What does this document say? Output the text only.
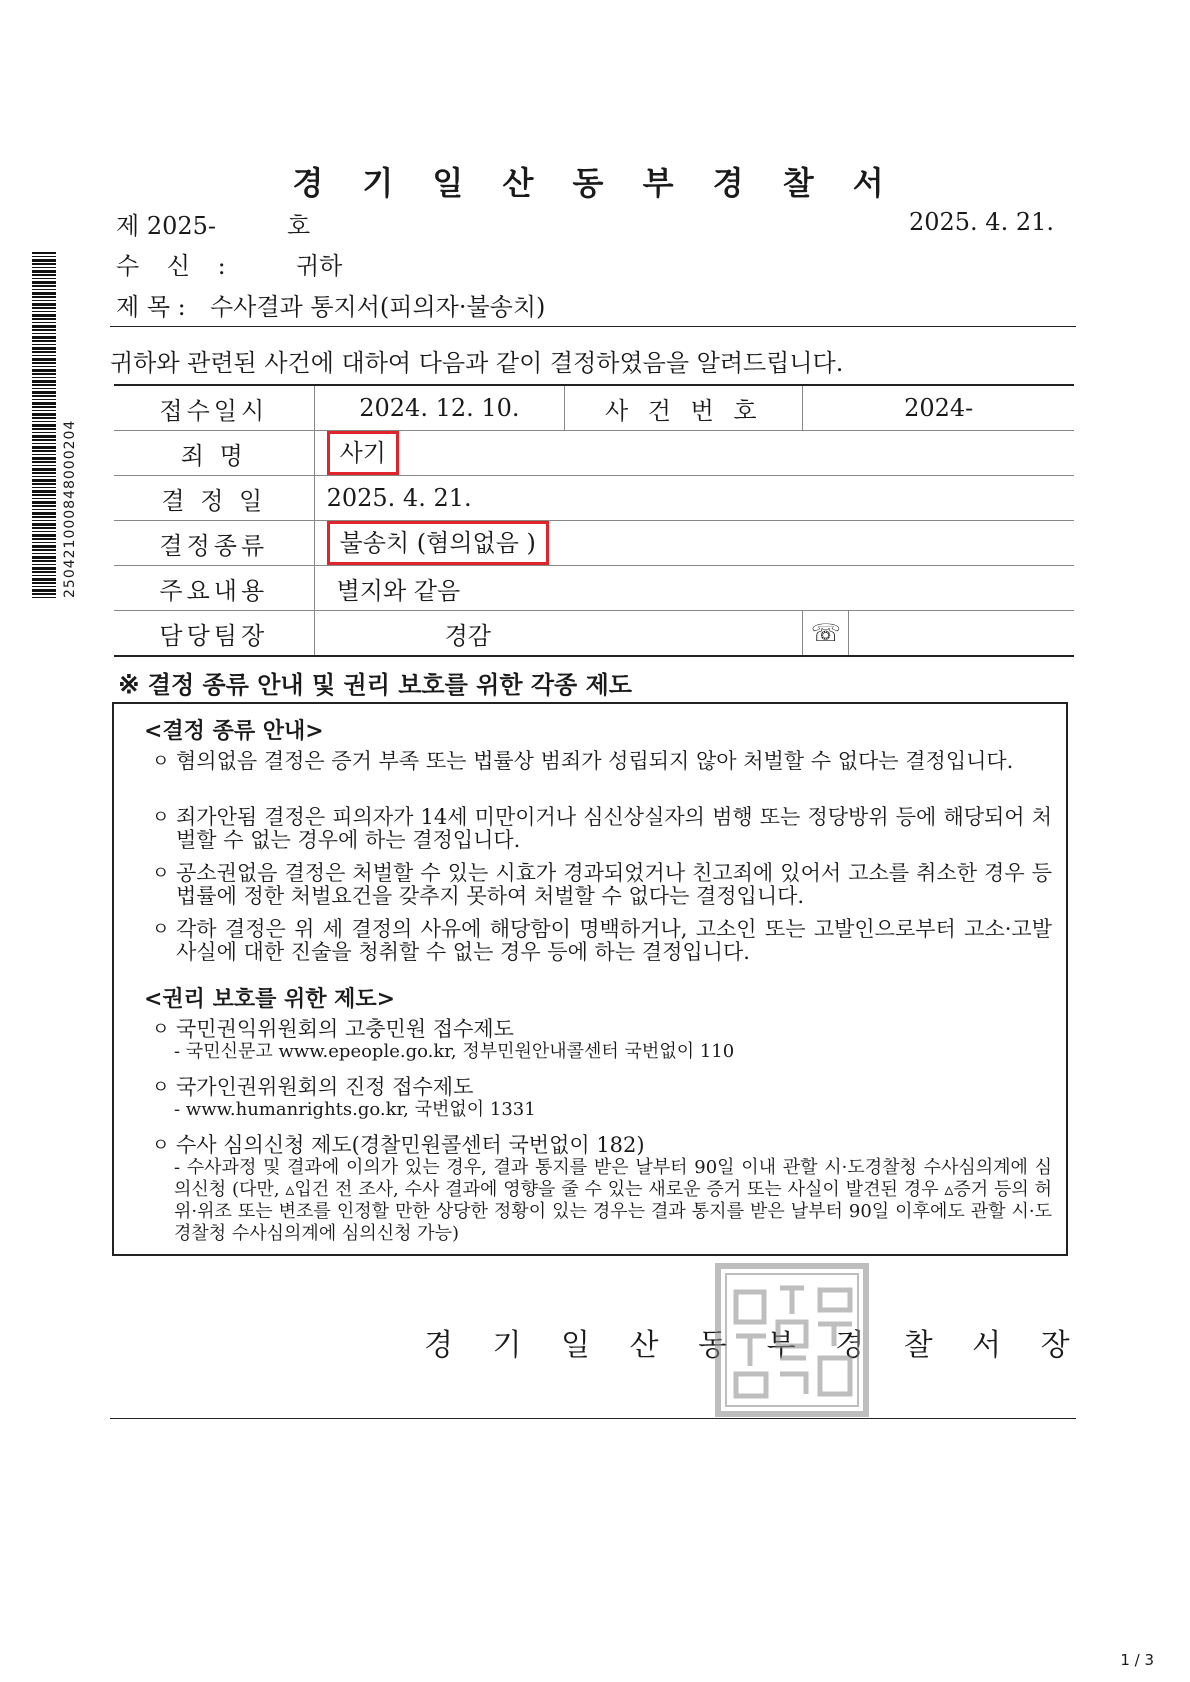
250421000848000204
경 기 일 산 동 부 경 찰 서
제 2025-	호	2025. 4. 21.
수 신 :	귀하
제 목 : 수사결과 통지서(피의자·불송치)
귀하와 관련된 사건에 대하여 다음과 같이 결정하였음을 알려드립니다.
접수일시	2024. 12. 10.	사 건 번 호	2024-	
죄 명	사기			
결 정 일	2025. 4. 21.			
결정종류	불송치 (혐의없음 )			
주요내용	별지와 같음			
담당팀장	경감		☏	
※ 결정 종류 안내 및 권리 보호를 위한 각종 제도
<결정 종류 안내>
ㅇ 혐의없음 결정은 증거 부족 또는 법률상 범죄가 성립되지 않아 처벌할 수 없다는 결정입니다.
ㅇ 죄가안됨 결정은 피의자가 14세 미만이거나 심신상실자의 범행 또는 정당방위 등에 해당되어 처벌할 수 없는 경우에 하는 결정입니다.
ㅇ 공소권없음 결정은 처벌할 수 있는 시효가 경과되었거나 친고죄에 있어서 고소를 취소한 경우 등 법률에 정한 처벌요건을 갖추지 못하여 처벌할 수 없다는 결정입니다.
ㅇ 각하 결정은 위 세 결정의 사유에 해당함이 명백하거나, 고소인 또는 고발인으로부터 고소·고발 사실에 대한 진술을 청취할 수 없는 경우 등에 하는 결정입니다.
<권리 보호를 위한 제도>
ㅇ 국민권익위원회의 고충민원 접수제도
- 국민신문고 www.epeople.go.kr, 정부민원안내콜센터 국번없이 110
ㅇ 국가인권위원회의 진정 접수제도
- www.humanrights.go.kr, 국번없이 1331
ㅇ 수사 심의신청 제도(경찰민원콜센터 국번없이 182)
- 수사과정 및 결과에 이의가 있는 경우, 결과 통지를 받은 날부터 90일 이내 관할 시·도경찰청 수사심의계에 심의신청 (다만, ▵입건 전 조사, 수사 결과에 영향을 줄 수 있는 새로운 증거 또는 사실이 발견된 경우 ▵증거 등의 허위·위조 또는 변조를 인정할 만한 상당한 정황이 있는 경우는 결과 통지를 받은 날부터 90일 이후에도 관할 시·도경찰청 수사심의계에 심의신청 가능)
경 기 일 산 동 부 경 찰 서 장
1 / 3
